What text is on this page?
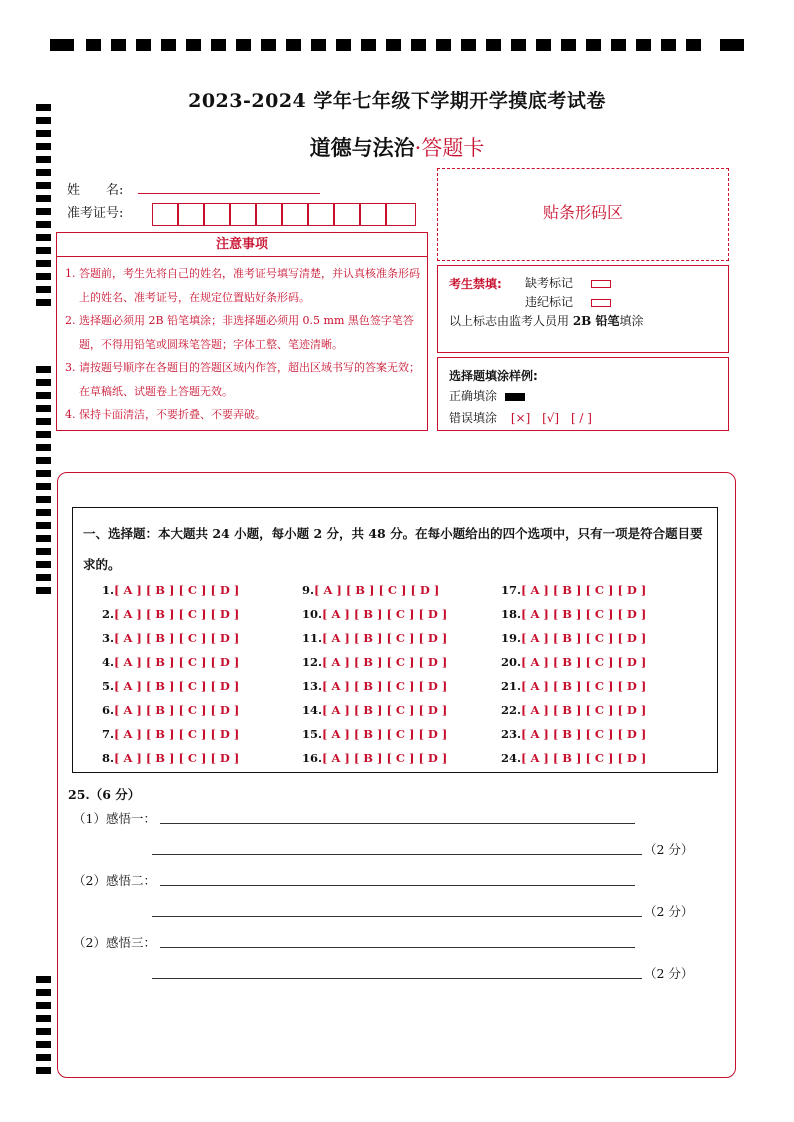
2023-2024 学年七年级下学期开学摸底考试卷
道德与法治·答题卡
姓　　名:
准考证号:
注意事项

1. 答题前，考生先将自己的姓名，准考证号填写清楚，并认真核准条形码上的姓名、准考证号，在规定位置贴好条形码。

2. 选择题必须用 2B 铅笔填涂；非选择题必须用 0.5 mm 黑色签字笔答题，不得用铅笔或圆珠笔答题；字体工整、笔迹清晰。

3. 请按题号顺序在各题目的答题区域内作答，超出区域书写的答案无效；在草稿纸、试题卷上答题无效。

4. 保持卡面清洁，不要折叠、不要弄破。

贴条形码区
考生禁填: 缺考标记
违纪标记
以上标志由监考人员用 2B 铅笔填涂
选择题填涂样例:
正确填涂
错误填涂 [×] [√] [ / ]
一、选择题：本大题共 24 小题，每小题 2 分，共 48 分。在每小题给出的四个选项中，只有一项是符合题目要求的。
1.[ A ] [ B ] [ C ] [ D ]
2.[ A ] [ B ] [ C ] [ D ]
3.[ A ] [ B ] [ C ] [ D ]
4.[ A ] [ B ] [ C ] [ D ]
5.[ A ] [ B ] [ C ] [ D ]
6.[ A ] [ B ] [ C ] [ D ]
7.[ A ] [ B ] [ C ] [ D ]
8.[ A ] [ B ] [ C ] [ D ]
9.[ A ] [ B ] [ C ] [ D ]
10.[ A ] [ B ] [ C ] [ D ]
11.[ A ] [ B ] [ C ] [ D ]
12.[ A ] [ B ] [ C ] [ D ]
13.[ A ] [ B ] [ C ] [ D ]
14.[ A ] [ B ] [ C ] [ D ]
15.[ A ] [ B ] [ C ] [ D ]
16.[ A ] [ B ] [ C ] [ D ]
17.[ A ] [ B ] [ C ] [ D ]
18.[ A ] [ B ] [ C ] [ D ]
19.[ A ] [ B ] [ C ] [ D ]
20.[ A ] [ B ] [ C ] [ D ]
21.[ A ] [ B ] [ C ] [ D ]
22.[ A ] [ B ] [ C ] [ D ]
23.[ A ] [ B ] [ C ] [ D ]
24.[ A ] [ B ] [ C ] [ D ]
25.（6 分）
（1）感悟一：
（2 分）
（2）感悟二：
（2 分）
（2）感悟三：
（2 分）
